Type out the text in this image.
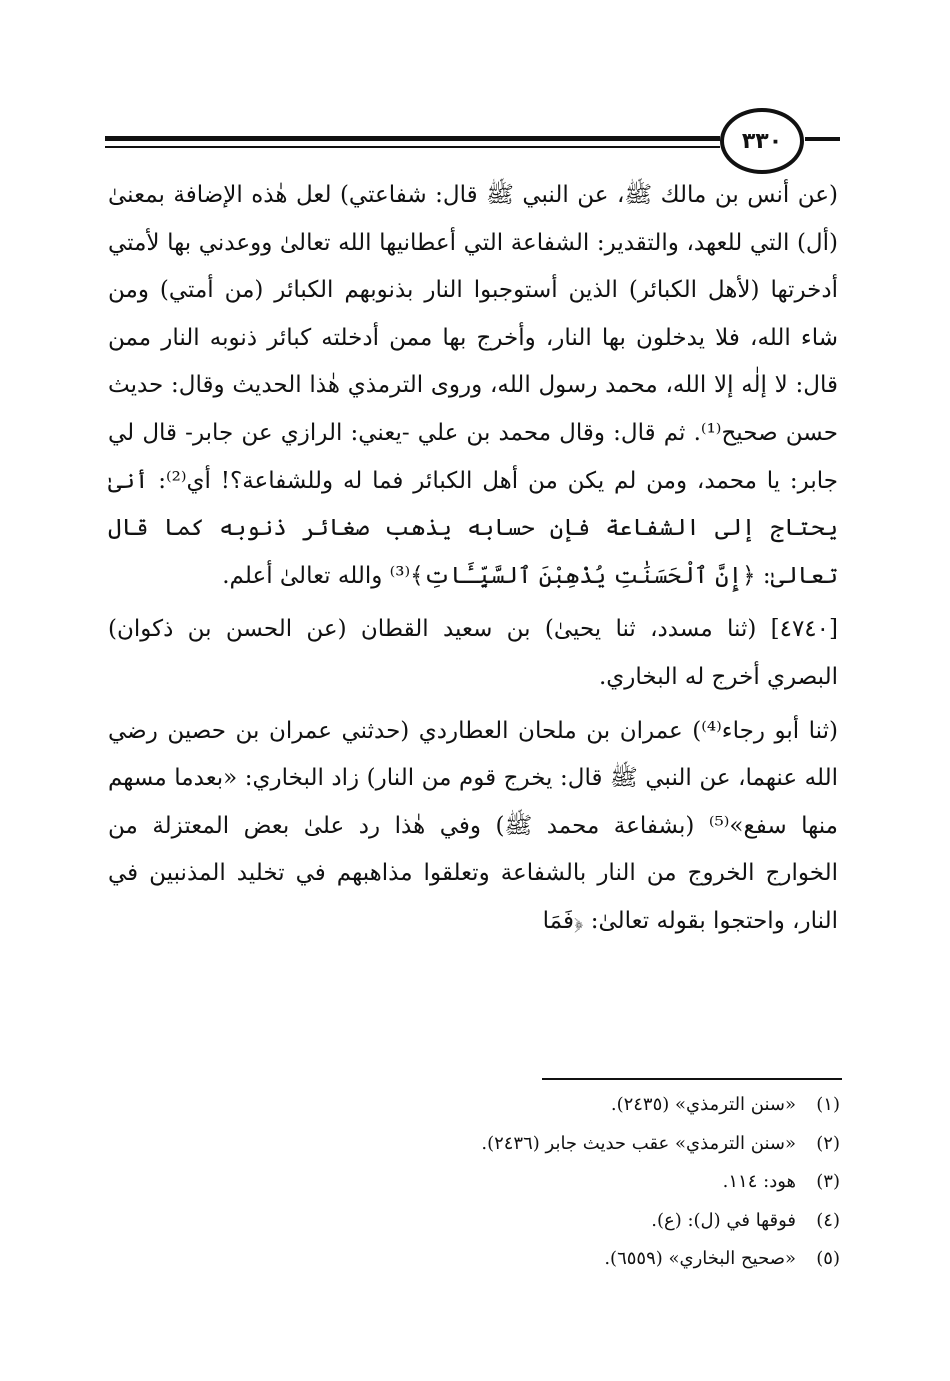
٣٣٠

(عن أنس بن مالك ﷺ، عن النبي ﷺ قال: شفاعتي) لعل هٰذه الإضافة بمعنىٰ (أل) التي للعهد، والتقدير: الشفاعة التي أعطانيها الله تعالىٰ ووعدني بها لأمتي أدخرتها (لأهل الكبائر) الذين أستوجبوا النار بذنوبهم الكبائر (من أمتي) ومن شاء الله، فلا يدخلون بها النار، وأخرج بها ممن أدخلته كبائر ذنوبه النار ممن قال: لا إلٰه إلا الله، محمد رسول الله، وروى الترمذي هٰذا الحديث وقال: حديث حسن صحيح⁽¹⁾. ثم قال: وقال محمد بن علي -يعني: الرازي عن جابر- قال لي جابر: يا محمد، ومن لم يكن من أهل الكبائر فما له وللشفاعة؟! أي⁽²⁾: أنىٰ يحتاج إلى الشفاعة فإن حسابه يذهب صغائر ذنوبه كما قال تعالىٰ: ﴿إِنَّ ٱلْحَسَنَٰتِ يُذْهِبْنَ ٱلسَّيِّـَٔاتِ﴾⁽³⁾ والله تعالىٰ أعلم.

[٤٧٤٠] (ثنا مسدد، ثنا يحيىٰ) بن سعيد القطان (عن الحسن بن ذكوان) البصري أخرج له البخاري.

(ثنا أبو رجاء⁽⁴⁾) عمران بن ملحان العطاردي (حدثني عمران بن حصين رضي الله عنهما، عن النبي ﷺ قال: يخرج قوم من النار) زاد البخاري: «بعدما مسهم منها سفع»⁽⁵⁾ (بشفاعة محمد ﷺ) وفي هٰذا رد علىٰ بعض المعتزلة من الخوارج الخروج من النار بالشفاعة وتعلقوا مذاهبهم في تخليد المذنبين في النار، واحتجوا بقوله تعالىٰ: ﴿فَمَا

(١)«سنن الترمذي» (٢٤٣٥).
(٢)«سنن الترمذي» عقب حديث جابر (٢٤٣٦).
(٣)هود: ١١٤.
(٤)فوقها في (ل): (ع).
(٥)«صحيح البخاري» (٦٥٥٩).
